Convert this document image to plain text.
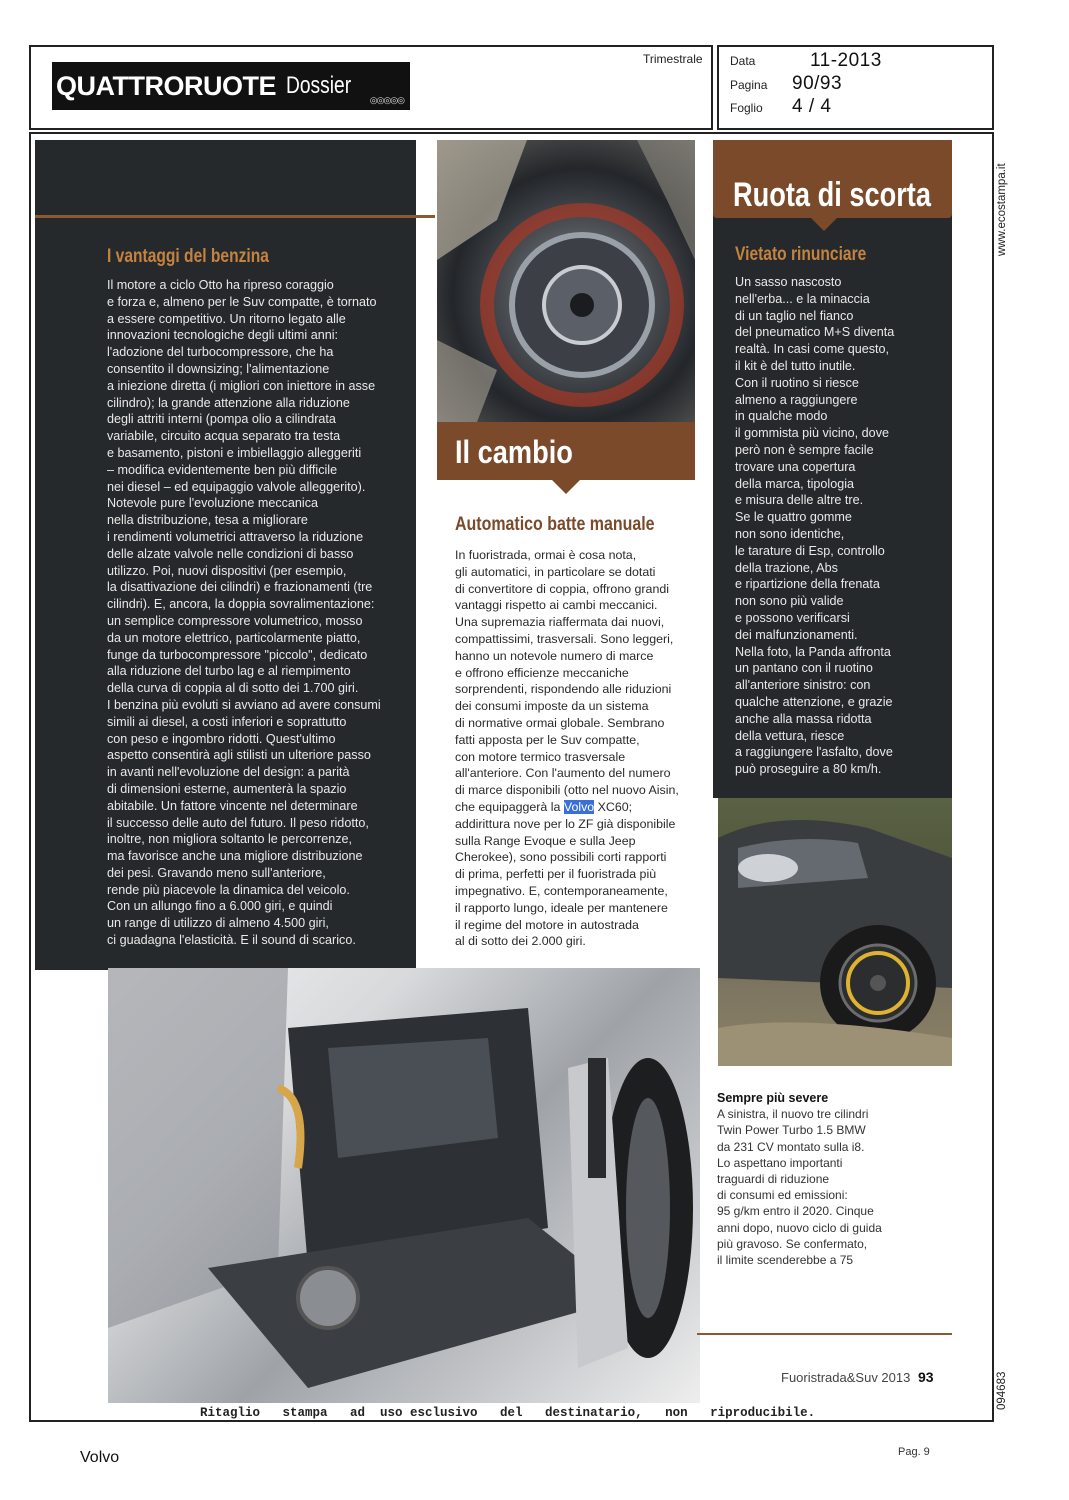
QUATTRORUOTE Dossier
◎◎◎◎◎
Trimestrale Data	11-2013
Pagina 90/93
Foglio 4 / 4
www.ecostampa.it
094683
I vantaggi del benzina

Il motore a ciclo Otto ha ripreso coraggio

e forza e, almeno per le Suv compatte, è tornato

a essere competitivo. Un ritorno legato alle

innovazioni tecnologiche degli ultimi anni:

l'adozione del turbocompressore, che ha

consentito il downsizing; l'alimentazione

a iniezione diretta (i migliori con iniettore in asse

cilindro); la grande attenzione alla riduzione

degli attriti interni (pompa olio a cilindrata

variabile, circuito acqua separato tra testa

e basamento, pistoni e imbiellaggio alleggeriti

– modifica evidentemente ben più difficile

nei diesel – ed equipaggio valvole alleggerito).

Notevole pure l'evoluzione meccanica

nella distribuzione, tesa a migliorare

i rendimenti volumetrici attraverso la riduzione

delle alzate valvole nelle condizioni di basso

utilizzo. Poi, nuovi dispositivi (per esempio,

la disattivazione dei cilindri) e frazionamenti (tre

cilindri). E, ancora, la doppia sovralimentazione:

un semplice compressore volumetrico, mosso

da un motore elettrico, particolarmente piatto,

funge da turbocompressore "piccolo", dedicato

alla riduzione del turbo lag e al riempimento

della curva di coppia al di sotto dei 1.700 giri.

I benzina più evoluti si avviano ad avere consumi

simili ai diesel, a costi inferiori e soprattutto

con peso e ingombro ridotti. Quest'ultimo

aspetto consentirà agli stilisti un ulteriore passo

in avanti nell'evoluzione del design: a parità

di dimensioni esterne, aumenterà la spazio

abitabile. Un fattore vincente nel determinare

il successo delle auto del futuro. Il peso ridotto,

inoltre, non migliora soltanto le percorrenze,

ma favorisce anche una migliore distribuzione

dei pesi. Gravando meno sull'anteriore,

rende più piacevole la dinamica del veicolo.

Con un allungo fino a 6.000 giri, e quindi

un range di utilizzo di almeno 4.500 giri,

ci guadagna l'elasticità. E il sound di scarico.

Il cambio
Automatico batte manuale

In fuoristrada, ormai è cosa nota,

gli automatici, in particolare se dotati

di convertitore di coppia, offrono grandi

vantaggi rispetto ai cambi meccanici.

Una supremazia riaffermata dai nuovi,

compattissimi, trasversali. Sono leggeri,

hanno un notevole numero di marce

e offrono efficienze meccaniche

sorprendenti, rispondendo alle riduzioni

dei consumi imposte da un sistema

di normative ormai globale. Sembrano

fatti apposta per le Suv compatte,

con motore termico trasversale

all'anteriore. Con l'aumento del numero

di marce disponibili (otto nel nuovo Aisin,

che equipaggerà la Volvo XC60;

addirittura nove per lo ZF già disponibile

sulla Range Evoque e sulla Jeep

Cherokee), sono possibili corti rapporti

di prima, perfetti per il fuoristrada più

impegnativo. E, contemporaneamente,

il rapporto lungo, ideale per mantenere

il regime del motore in autostrada

al di sotto dei 2.000 giri.

Ruota di scorta
Vietato rinunciare

Un sasso nascosto

nell'erba... e la minaccia

di un taglio nel fianco

del pneumatico M+S diventa

realtà. In casi come questo,

il kit è del tutto inutile.

Con il ruotino si riesce

almeno a raggiungere

in qualche modo

il gommista più vicino, dove

però non è sempre facile

trovare una copertura

della marca, tipologia

e misura delle altre tre.

Se le quattro gomme

non sono identiche,

le tarature di Esp, controllo

della trazione, Abs

e ripartizione della frenata

non sono più valide

e possono verificarsi

dei malfunzionamenti.

Nella foto, la Panda affronta

un pantano con il ruotino

all'anteriore sinistro: con

qualche attenzione, e grazie

anche alla massa ridotta

della vettura, riesce

a raggiungere l'asfalto, dove

può proseguire a 80 km/h.

Sempre più severe

A sinistra, il nuovo tre cilindri

Twin Power Turbo 1.5 BMW

da 231 CV montato sulla i8.

Lo aspettano importanti

traguardi di riduzione

di consumi ed emissioni:

95 g/km entro il 2020. Cinque

anni dopo, nuovo ciclo di guida

più gravoso. Se confermato,

il limite scenderebbe a 75

Fuoristrada&Suv 2013 93
Ritaglio   stampa   ad  uso esclusivo   del   destinatario,   non   riproducibile.
Volvo	Pag. 9
